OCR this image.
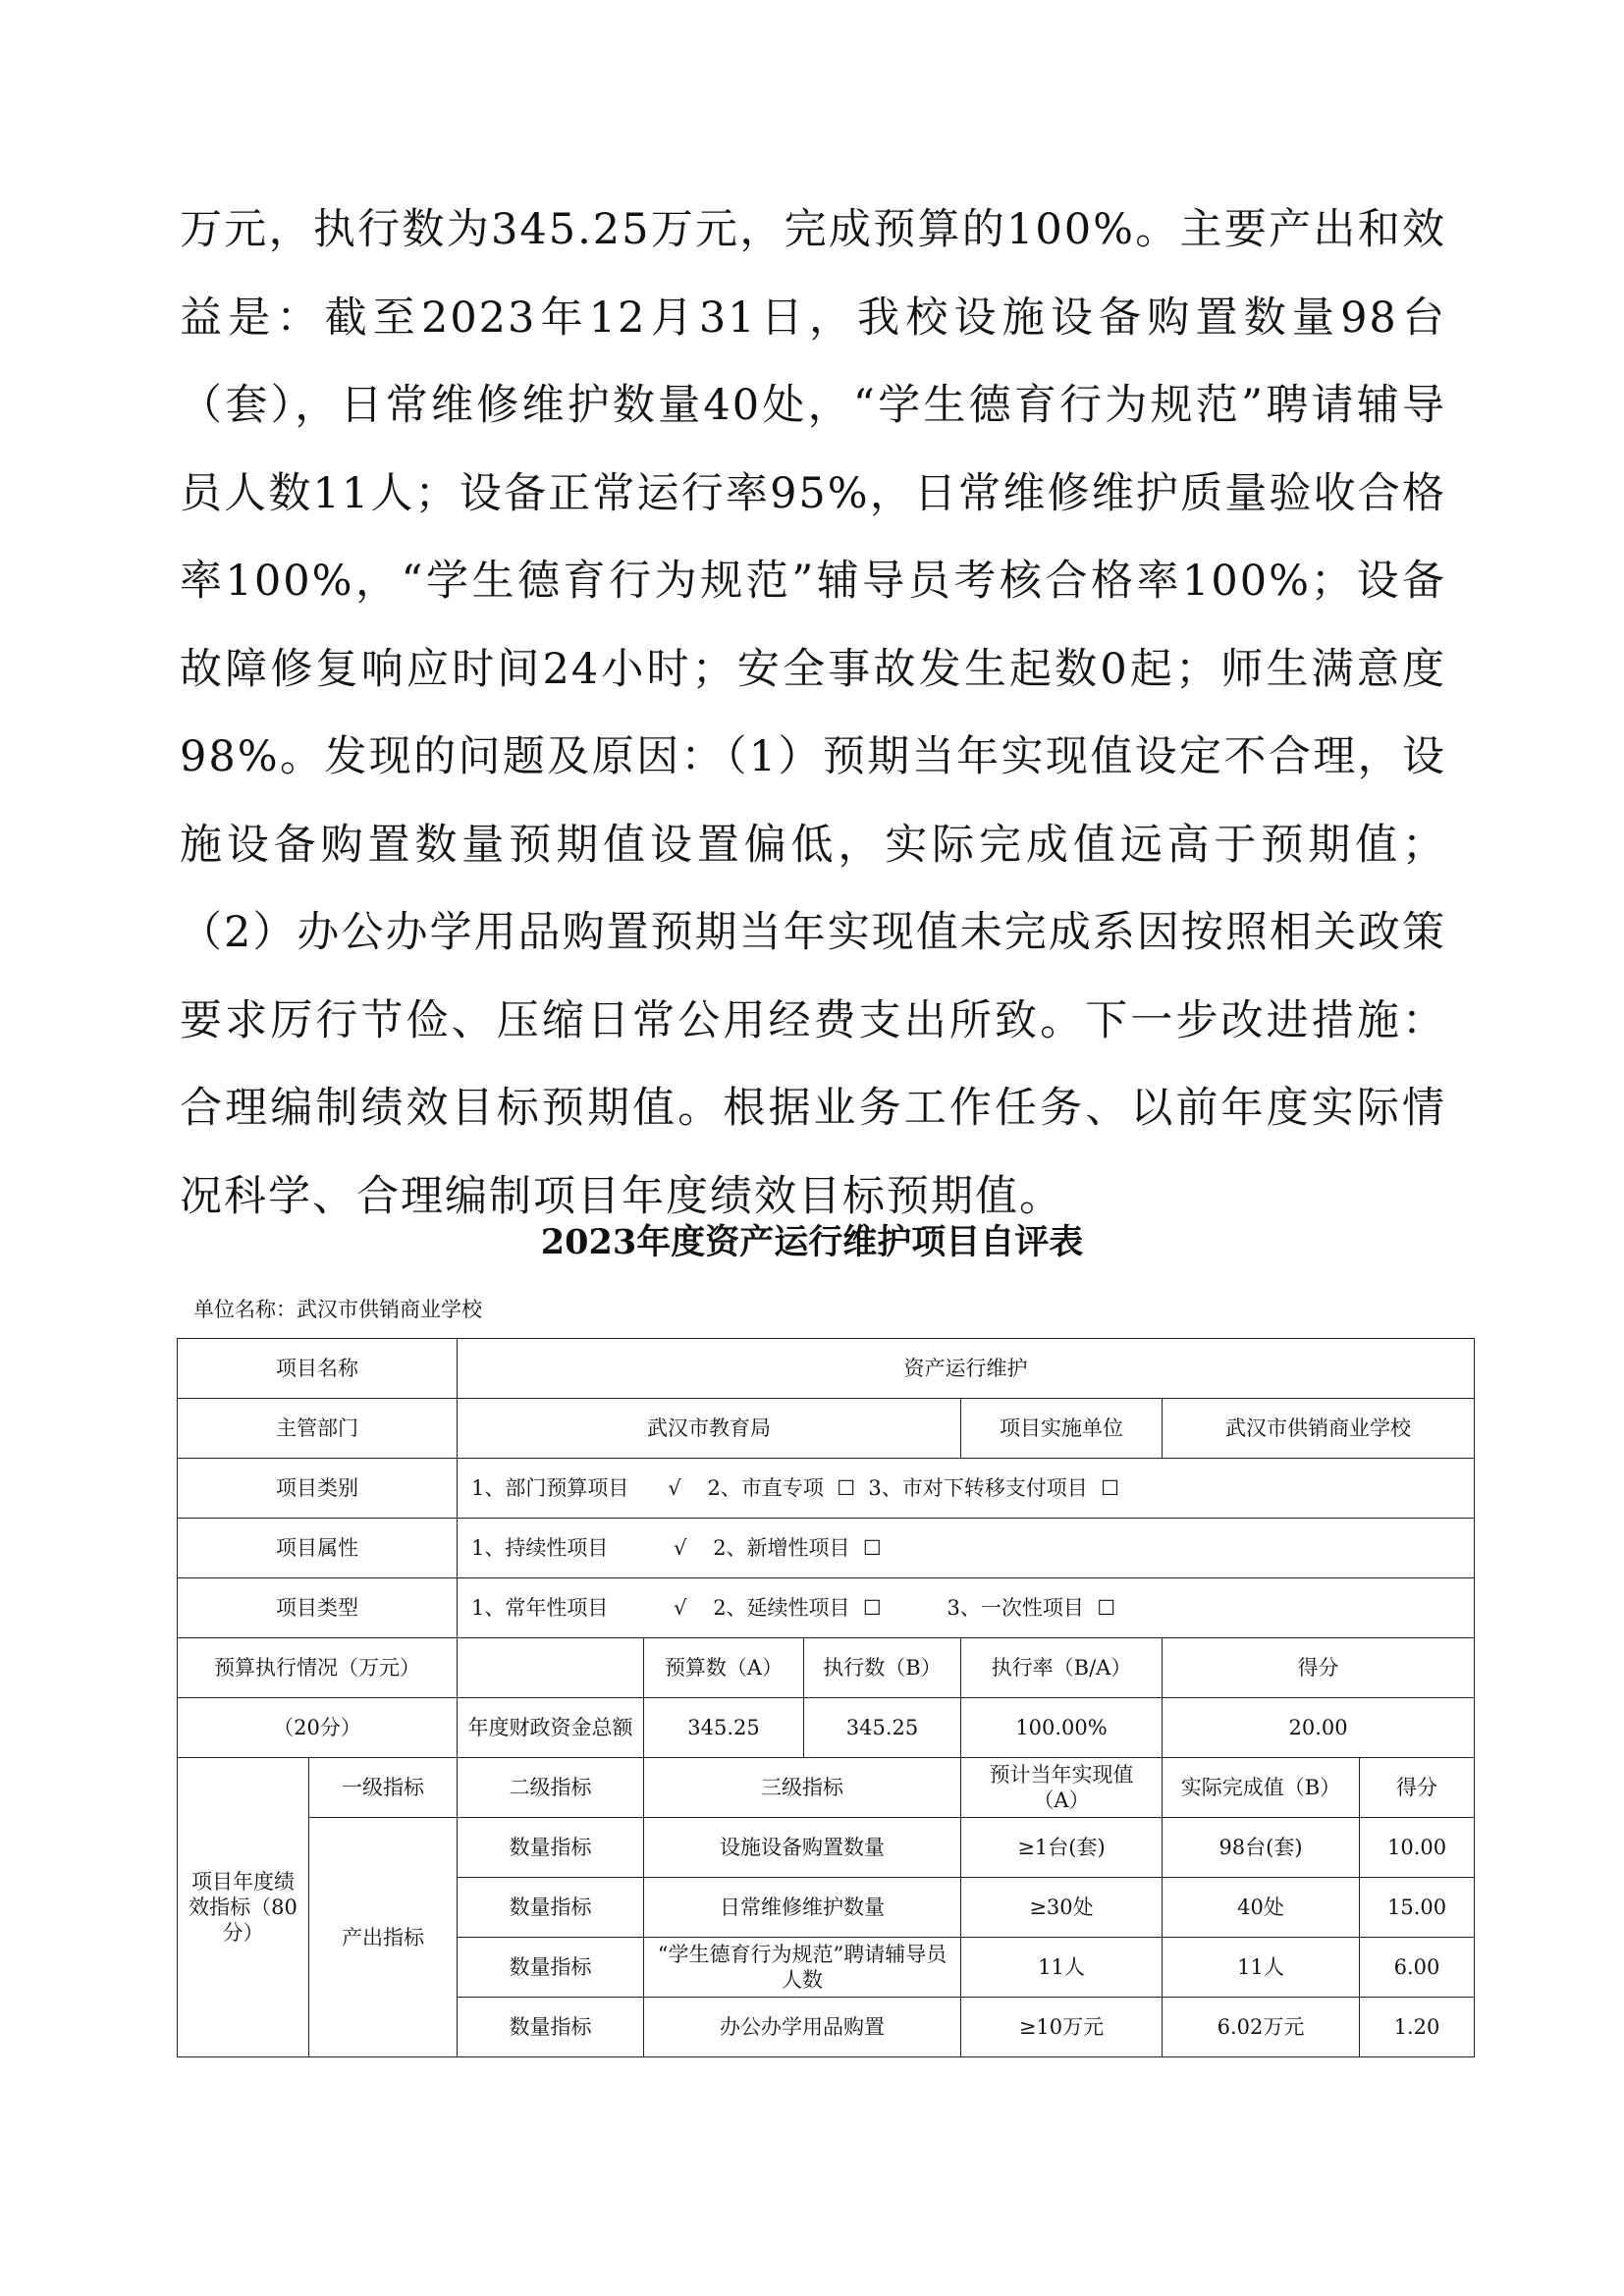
万元，执行数为345.25万元，完成预算的100%。主要产出和效益是：截至2023年12月31日，我校设施设备购置数量98台（套），日常维修维护数量40处，“学生德育行为规范”聘请辅导员人数11人；设备正常运行率95%，日常维修维护质量验收合格率100%，“学生德育行为规范”辅导员考核合格率100%；设备故障修复响应时间24小时；安全事故发生起数0起；师生满意度98%。发现的问题及原因：（1）预期当年实现值设定不合理，设施设备购置数量预期值设置偏低，实际完成值远高于预期值；（2）办公办学用品购置预期当年实现值未完成系因按照相关政策要求厉行节俭、压缩日常公用经费支出所致。下一步改进措施：合理编制绩效目标预期值。根据业务工作任务、以前年度实际情况科学、合理编制项目年度绩效目标预期值。

2023年度资产运行维护项目自评表

单位名称：武汉市供销商业学校

项目名称		资产运行维护					
主管部门		武汉市教育局			项目实施单位	武汉市供销商业学校	
项目类别		1、部门预算项目      √    2、市直专项  ☐  3、市对下转移支付项目  ☐					
项目属性		1、持续性项目          √    2、新增性项目  ☐					
项目类型		1、常年性项目          √    2、延续性项目  ☐          3、一次性项目  ☐					
预算执行情况（万元）			预算数（A）	执行数（B）	执行率（B/A）	得分	
（20分）		年度财政资金总额	345.25	345.25	100.00%	20.00	
项目年度绩效指标（80分）	一级指标	二级指标	三级指标		预计当年实现值（A）	实际完成值（B）	得分
	产出指标	数量指标	设施设备购置数量		≥1台(套)	98台(套)	10.00
		数量指标	日常维修维护数量		≥30处	40处	15.00
		数量指标	“学生德育行为规范”聘请辅导员人数		11人	11人	6.00
		数量指标	办公办学用品购置		≥10万元	6.02万元	1.20
